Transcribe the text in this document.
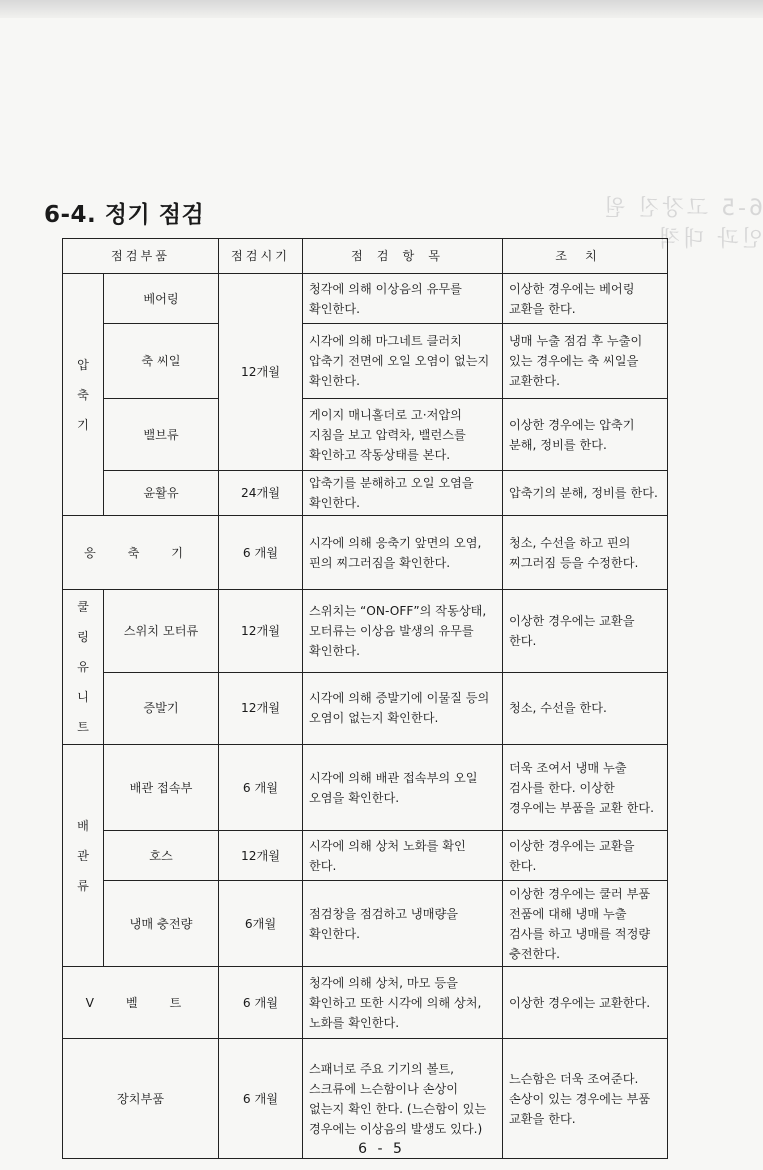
6-5 고장진 원인과 대책
6-4. 정기 점검
점검부품		점검시기	점검항목	조치

압
축
기	베어링	12개월	청각에 의해 이상음의 유무를 확인한다.	이상한 경우에는 베어링 교환을 한다.
	축 씨일		시각에 의해 마그네트 클러치 압축기 전면에 오일 오염이 없는지 확인한다.	냉매 누출 점검 후 누출이 있는 경우에는 축 씨일을 교환한다.
	밸브류		게이지 매니홀더로 고·저압의 지침을 보고 압력차, 밸런스를 확인하고 작동상태를 본다.	이상한 경우에는 압축기 분해, 정비를 한다.
	윤활유	24개월	압축기를 분해하고 오일 오염을 확인한다.	압축기의 분해, 정비를 한다.
응 축 기		6 개월	시각에 의해 응축기 앞면의 오염, 핀의 찌그러짐을 확인한다.	청소, 수선을 하고 핀의 찌그러짐 등을 수정한다.

쿨
링
유
니
트	스위치 모터류	12개월	스위치는 “ON-OFF”의 작동상태, 모터류는 이상음 발생의 유무를 확인한다.	이상한 경우에는 교환을 한다.
	증발기	12개월	시각에 의해 증발기에 이물질 등의 오염이 없는지 확인한다.	청소, 수선을 한다.

배
관
류	배관 접속부	6 개월	시각에 의해 배관 접속부의 오일 오염을 확인한다.	더욱 조여서 냉매 누출 검사를 한다. 이상한 경우에는 부품을 교환 한다.
	호스	12개월	시각에 의해 상처 노화를 확인 한다.	이상한 경우에는 교환을 한다.
	냉매 충전량	6개월	점검창을 점검하고 냉매량을 확인한다.	이상한 경우에는 쿨러 부품 전품에 대해 냉매 누출 검사를 하고 냉매를 적정량 충전한다.
V 벨 트		6 개월	청각에 의해 상처, 마모 등을 확인하고 또한 시각에 의해 상처, 노화를 확인한다.	이상한 경우에는 교환한다.
장치부품		6 개월	스패너로 주요 기기의 볼트, 스크류에 느슨함이나 손상이 없는지 확인 한다. (느슨함이 있는 경우에는 이상음의 발생도 있다.)	느슨함은 더욱 조여준다. 손상이 있는 경우에는 부품 교환을 한다.
6 - 5
